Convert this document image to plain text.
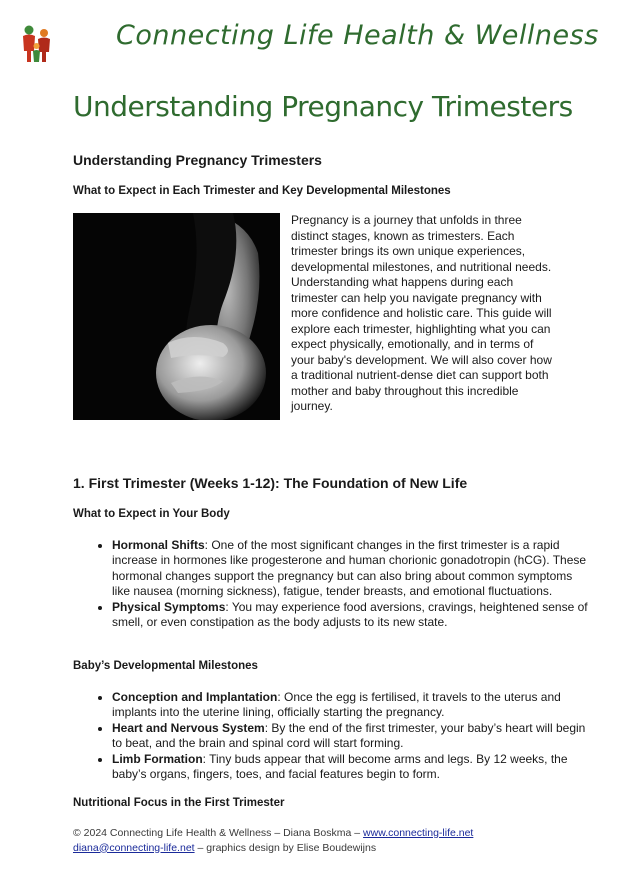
Connecting Life Health & Wellness
Understanding Pregnancy Trimesters
Understanding Pregnancy Trimesters
What to Expect in Each Trimester and Key Developmental Milestones
Pregnancy is a journey that unfolds in three distinct stages, known as trimesters. Each trimester brings its own unique experiences, developmental milestones, and nutritional needs. Understanding what happens during each trimester can help you navigate pregnancy with more confidence and holistic care. This guide will explore each trimester, highlighting what you can expect physically, emotionally, and in terms of your baby's development. We will also cover how a traditional nutrient-dense diet can support both mother and baby throughout this incredible journey.
1. First Trimester (Weeks 1-12): The Foundation of New Life
What to Expect in Your Body
• Hormonal Shifts: One of the most significant changes in the first trimester is a rapid increase in hormones like progesterone and human chorionic gonadotropin (hCG). These hormonal changes support the pregnancy but can also bring about common symptoms like nausea (morning sickness), fatigue, tender breasts, and emotional fluctuations.
• Physical Symptoms: You may experience food aversions, cravings, heightened sense of smell, or even constipation as the body adjusts to its new state.
Baby’s Developmental Milestones
• Conception and Implantation: Once the egg is fertilised, it travels to the uterus and implants into the uterine lining, officially starting the pregnancy.
• Heart and Nervous System: By the end of the first trimester, your baby’s heart will begin to beat, and the brain and spinal cord will start forming.
• Limb Formation: Tiny buds appear that will become arms and legs. By 12 weeks, the baby’s organs, fingers, toes, and facial features begin to form.
Nutritional Focus in the First Trimester
© 2024 Connecting Life Health & Wellness – Diana Boskma – www.connecting-life.net
diana@connecting-life.net – graphics design by Elise Boudewijns
